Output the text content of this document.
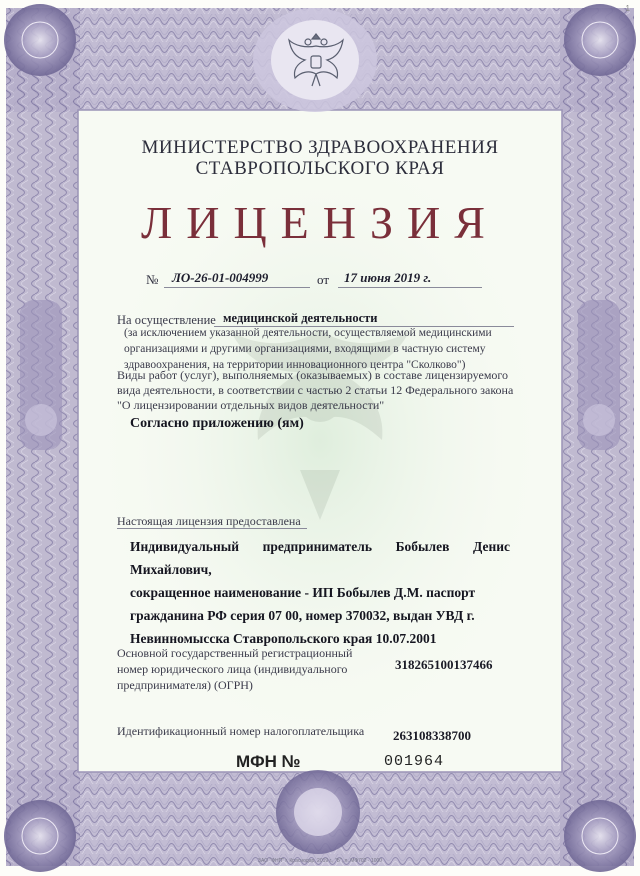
МИНИСТЕРСТВО ЗДРАВООХРАНЕНИЯ
СТАВРОПОЛЬСКОГО КРАЯ
ЛИЦЕНЗИЯ
№ ЛО-26-01-004999	от 17 июня 2019 г.
На осуществление медицинской деятельности
(за исключением указанной деятельности, осуществляемой медицинскими
организациями и другими организациями, входящими в частную систему
здравоохранения, на территории инновационного центра "Сколково")
Виды работ (услуг), выполняемых (оказываемых) в составе лицензируемого
вида деятельности, в соответствии с частью 2 статьи 12 Федерального закона
"О лицензировании отдельных видов деятельности"
Согласно приложению (ям)
Настоящая лицензия предоставлена
Индивидуальный предприниматель Бобылев Денис
Михайлович,
сокращенное наименование - ИП Бобылев Д.М. паспорт
гражданина РФ серия 07 00, номер 370032, выдан УВД г.
Невинномысска Ставропольского края 10.07.2001
Основной государственный регистрационный
номер юридического лица (индивидуального
предпринимателя) (ОГРН)
318265100137466
Идентификационный номер налогоплательщика 263108338700
МФН №	001964
ЗАО "ФНП" г. Краснодар, 2019 г., "Б", л. МФ702 · 1000
1
